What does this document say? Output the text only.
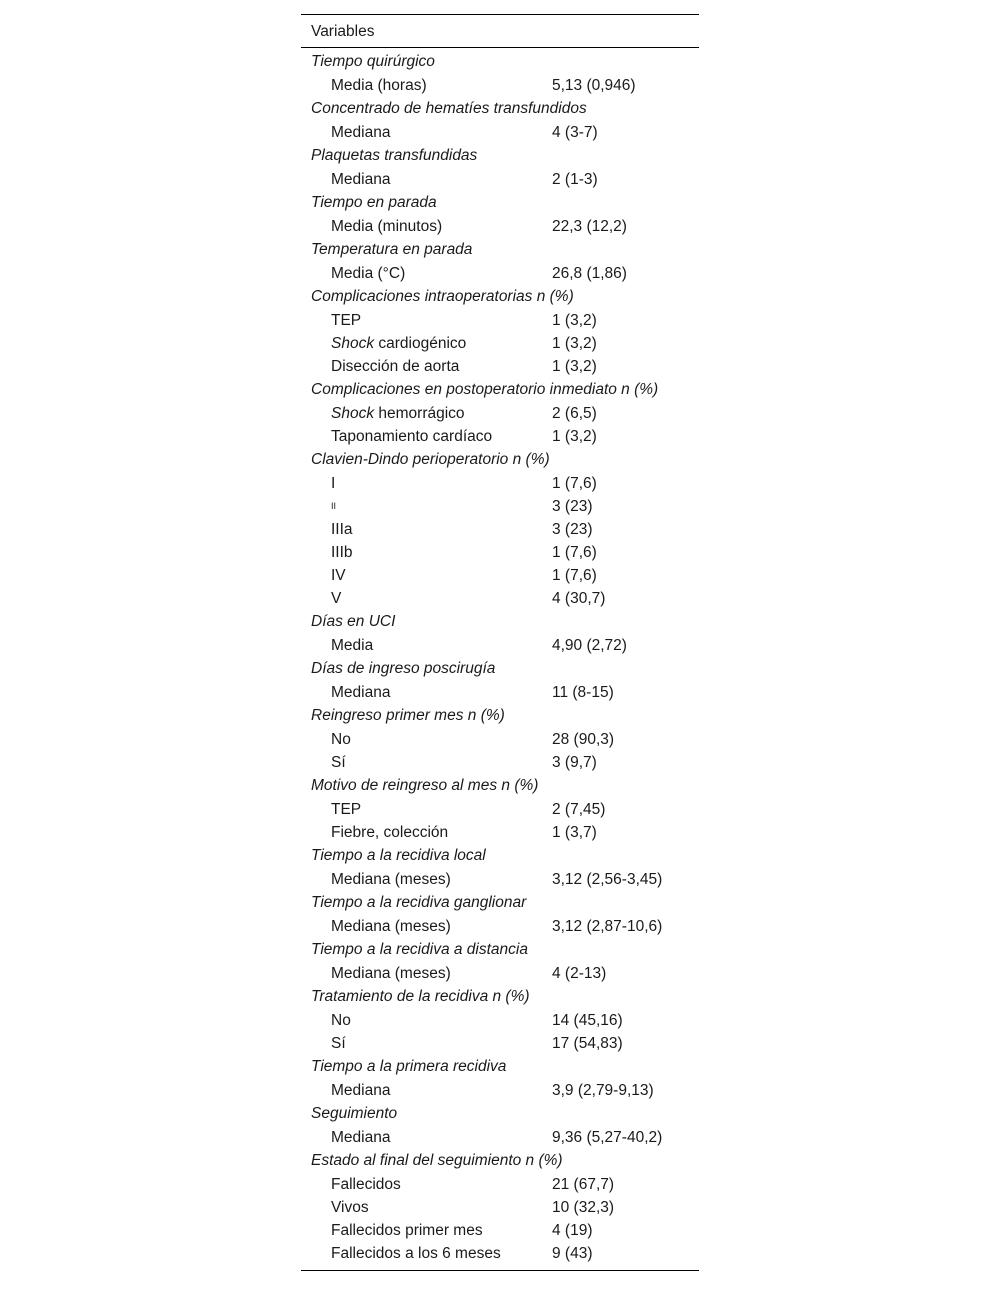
Variables
Tiempo quirúrgico
Media (horas)	5,13 (0,946)
Concentrado de hematíes transfundidos
Mediana	4 (3-7)
Plaquetas transfundidas
Mediana	2 (1-3)
Tiempo en parada
Media (minutos)	22,3 (12,2)
Temperatura en parada
Media (°C)	26,8 (1,86)
Complicaciones intraoperatorias n (%)
TEP	1 (3,2)
Shock cardiogénico	1 (3,2)
Disección de aorta	1 (3,2)
Complicaciones en postoperatorio inmediato n (%)
Shock hemorrágico	2 (6,5)
Taponamiento cardíaco	1 (3,2)
Clavien-Dindo perioperatorio n (%)
I	1 (7,6)
II	3 (23)
IIIa	3 (23)
IIIb	1 (7,6)
IV	1 (7,6)
V	4 (30,7)
Días en UCI
Media	4,90 (2,72)
Días de ingreso poscirugía
Mediana	11 (8-15)
Reingreso primer mes n (%)
No	28 (90,3)
Sí	3 (9,7)
Motivo de reingreso al mes n (%)
TEP	2 (7,45)
Fiebre, colección	1 (3,7)
Tiempo a la recidiva local
Mediana (meses)	3,12 (2,56-3,45)
Tiempo a la recidiva ganglionar
Mediana (meses)	3,12 (2,87-10,6)
Tiempo a la recidiva a distancia
Mediana (meses)	4 (2-13)
Tratamiento de la recidiva n (%)
No	14 (45,16)
Sí	17 (54,83)
Tiempo a la primera recidiva
Mediana	3,9 (2,79-9,13)
Seguimiento
Mediana	9,36 (5,27-40,2)
Estado al final del seguimiento n (%)
Fallecidos	21 (67,7)
Vivos	10 (32,3)
Fallecidos primer mes	4 (19)
Fallecidos a los 6 meses	9 (43)
